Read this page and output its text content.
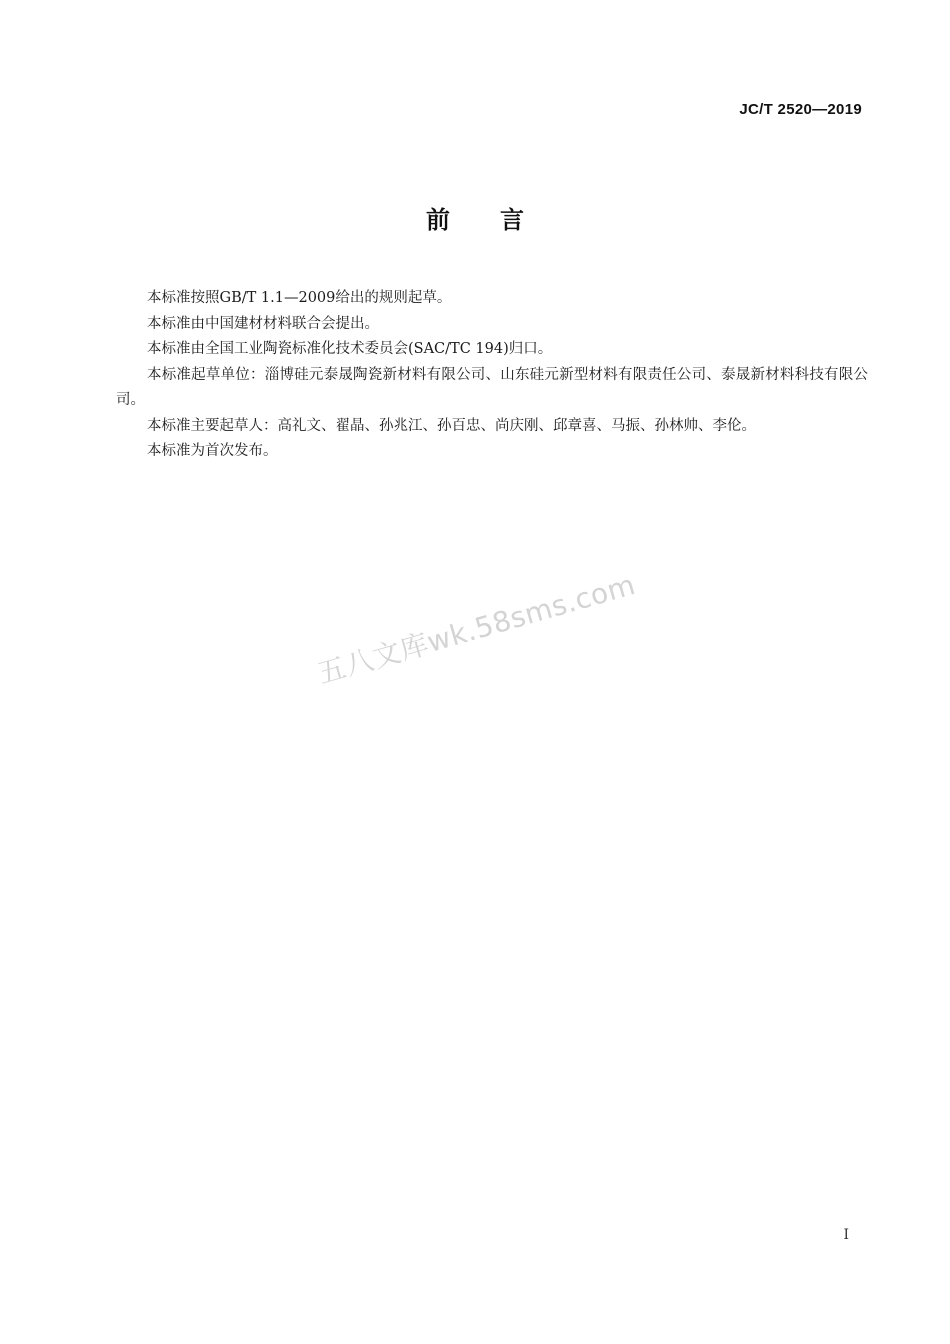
JC/T 2520—2019
前言

本标准按照GB/T 1.1—2009给出的规则起草。

本标准由中国建材材料联合会提出。

本标准由全国工业陶瓷标准化技术委员会(SAC/TC 194)归口。

本标准起草单位：淄博硅元泰晟陶瓷新材料有限公司、山东硅元新型材料有限责任公司、泰晟新材料科技有限公司。

本标准主要起草人：高礼文、翟晶、孙兆江、孙百忠、尚庆刚、邱章喜、马振、孙林帅、李伦。

本标准为首次发布。

五八文库wk.58sms.com
I
